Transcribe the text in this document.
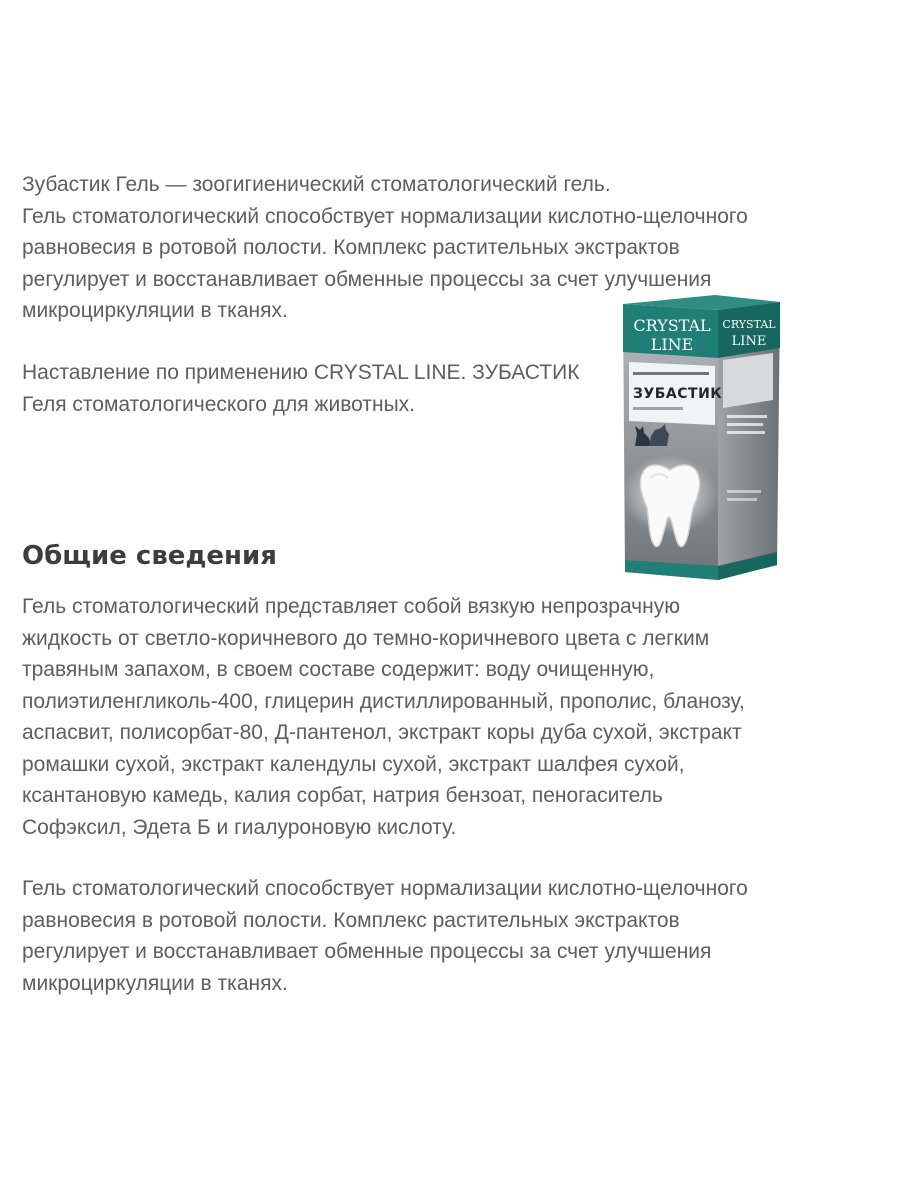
Зубастик Гель — зоогигиенический стоматологический гель.
Гель стоматологический способствует нормализации кислотно-щелочного
равновесия в ротовой полости. Комплекс растительных экстрактов
регулирует и восстанавливает обменные процессы за счет улучшения
микроциркуляции в тканях.

Наставление по применению CRYSTAL LINE. ЗУБАСТИК
Геля стоматологического для животных.

Общие сведения

Гель стоматологический представляет собой вязкую непрозрачную
жидкость от светло-коричневого до темно-коричневого цвета с легким
травяным запахом, в своем составе содержит: воду очищенную,
полиэтиленгликоль-400, глицерин дистиллированный, прополис, бланозу,
аспасвит, полисорбат-80, Д-пантенол, экстракт коры дуба сухой, экстракт
ромашки сухой, экстракт календулы сухой, экстракт шалфея сухой,
ксантановую камедь, калия сорбат, натрия бензоат, пеногаситель
Софэксил, Эдета Б и гиалуроновую кислоту.

Гель стоматологический способствует нормализации кислотно-щелочного
равновесия в ротовой полости. Комплекс растительных экстрактов
регулирует и восстанавливает обменные процессы за счет улучшения
микроциркуляции в тканях.

CRYSTAL
LINE
CRYSTAL
LINE
ЗУБАСТИК
